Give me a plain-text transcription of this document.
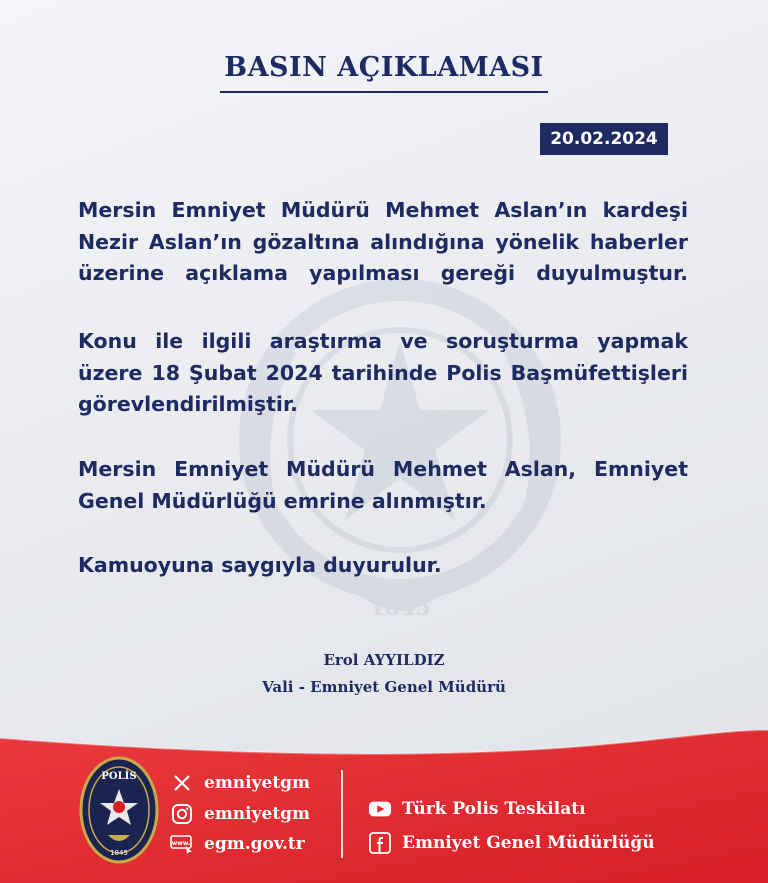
1845
BASIN AÇIKLAMASI
20.02.2024
Mersin Emniyet Müdürü Mehmet Aslan’ın kardeşi Nezir Aslan’ın gözaltına alındığına yönelik haberler üzerine açıklama yapılması gereği duyulmuştur.
Konu ile ilgili araştırma ve soruşturma yapmak üzere 18 Şubat 2024 tarihinde Polis Başmüfettişleri görevlendirilmiştir.
Mersin Emniyet Müdürü Mehmet Aslan, Emniyet Genel Müdürlüğü emrine alınmıştır.
Kamuoyuna saygıyla duyurulur.
Erol AYYILDIZ
Vali - Emniyet Genel Müdürü
POLİS
1845
emniyetgm
emniyetgm
www. egm.gov.tr
Türk Polis Teskilatı
Emniyet Genel Müdürlüğü
